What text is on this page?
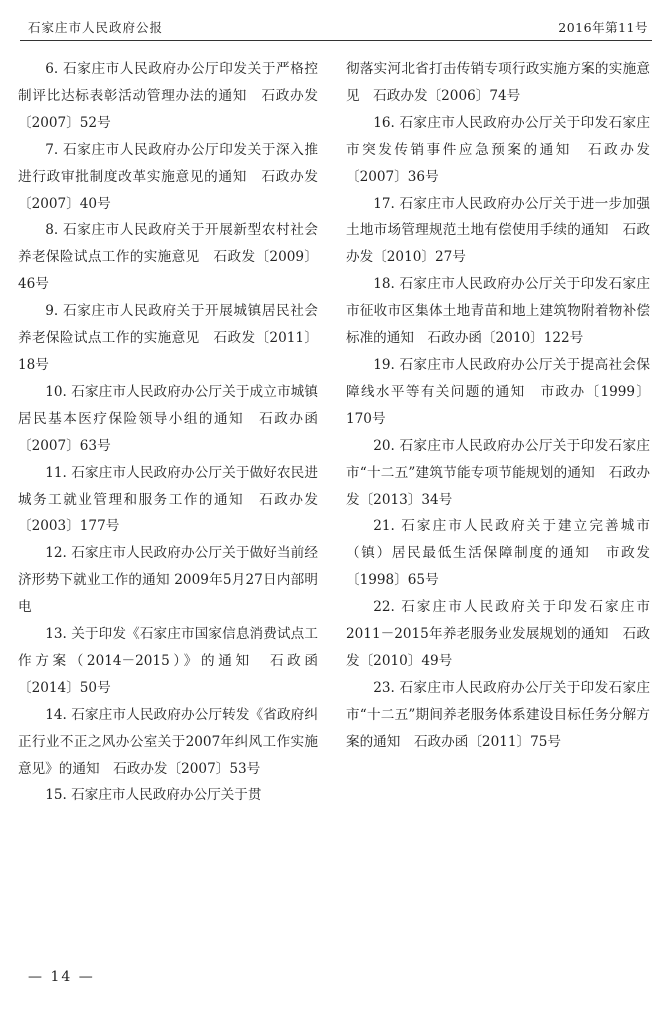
石家庄市人民政府公报	2016年第11号

6. 石家庄市人民政府办公厅印发关于严格控制评比达标表彰活动管理办法的通知　石政办发〔2007〕52号

7. 石家庄市人民政府办公厅印发关于深入推进行政审批制度改革实施意见的通知　石政办发〔2007〕40号

8. 石家庄市人民政府关于开展新型农村社会养老保险试点工作的实施意见　石政发〔2009〕46号

9. 石家庄市人民政府关于开展城镇居民社会养老保险试点工作的实施意见　石政发〔2011〕18号

10. 石家庄市人民政府办公厅关于成立市城镇居民基本医疗保险领导小组的通知　石政办函〔2007〕63号

11. 石家庄市人民政府办公厅关于做好农民进城务工就业管理和服务工作的通知　石政办发〔2003〕177号

12. 石家庄市人民政府办公厅关于做好当前经济形势下就业工作的通知 2009年5月27日内部明电

13. 关于印发《石家庄市国家信息消费试点工作方案（2014－2015）》的通知　石政函〔2014〕50号

14. 石家庄市人民政府办公厅转发《省政府纠正行业不正之风办公室关于2007年纠风工作实施意见》的通知　石政办发〔2007〕53号

15. 石家庄市人民政府办公厅关于贯

彻落实河北省打击传销专项行政实施方案的实施意见　石政办发〔2006〕74号

16. 石家庄市人民政府办公厅关于印发石家庄市突发传销事件应急预案的通知　石政办发〔2007〕36号

17. 石家庄市人民政府办公厅关于进一步加强土地市场管理规范土地有偿使用手续的通知　石政办发〔2010〕27号

18. 石家庄市人民政府办公厅关于印发石家庄市征收市区集体土地青苗和地上建筑物附着物补偿标准的通知　石政办函〔2010〕122号

19. 石家庄市人民政府办公厅关于提高社会保障线水平等有关问题的通知　市政办〔1999〕170号

20. 石家庄市人民政府办公厅关于印发石家庄市“十二五”建筑节能专项节能规划的通知　石政办发〔2013〕34号

21. 石家庄市人民政府关于建立完善城市（镇）居民最低生活保障制度的通知　市政发〔1998〕65号

22. 石家庄市人民政府关于印发石家庄市2011－2015年养老服务业发展规划的通知　石政发〔2010〕49号

23. 石家庄市人民政府办公厅关于印发石家庄市“十二五”期间养老服务体系建设目标任务分解方案的通知　石政办函〔2011〕75号

— 14 —
